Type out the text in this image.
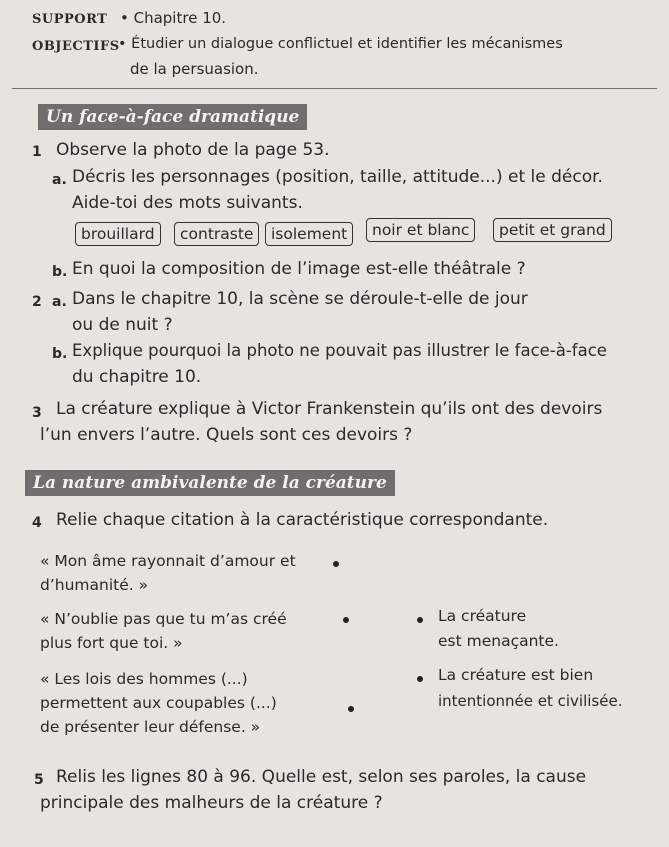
SUPPORT • Chapitre 10.
OBJECTIFS
• Étudier un dialogue conflictuel et identifier les mécanismes
de la persuasion.
Un face-à-face dramatique
1 Observe la photo de la page 53.
a. Décris les personnages (position, taille, attitude...) et le décor.
Aide-toi des mots suivants.
brouillard	contraste	isolement	noir et blanc	petit et grand
b. En quoi la composition de l’image est-elle théâtrale ?
2 a. Dans le chapitre 10, la scène se déroule-t-elle de jour
ou de nuit ?
b. Explique pourquoi la photo ne pouvait pas illustrer le face-à-face
du chapitre 10.
3 La créature explique à Victor Frankenstein qu’ils ont des devoirs
l’un envers l’autre. Quels sont ces devoirs ?
La nature ambivalente de la créature
4 Relie chaque citation à la caractéristique correspondante.
« Mon âme rayonnait d’amour et
d’humanité. »
« N’oublie pas que tu m’as créé
plus fort que toi. »
« Les lois des hommes (...)
permettent aux coupables (...)
de présenter leur défense. »
La créature
est menaçante.
La créature est bien
intentionnée et civilisée.
5 Relis les lignes 80 à 96. Quelle est, selon ses paroles, la cause
principale des malheurs de la créature ?
